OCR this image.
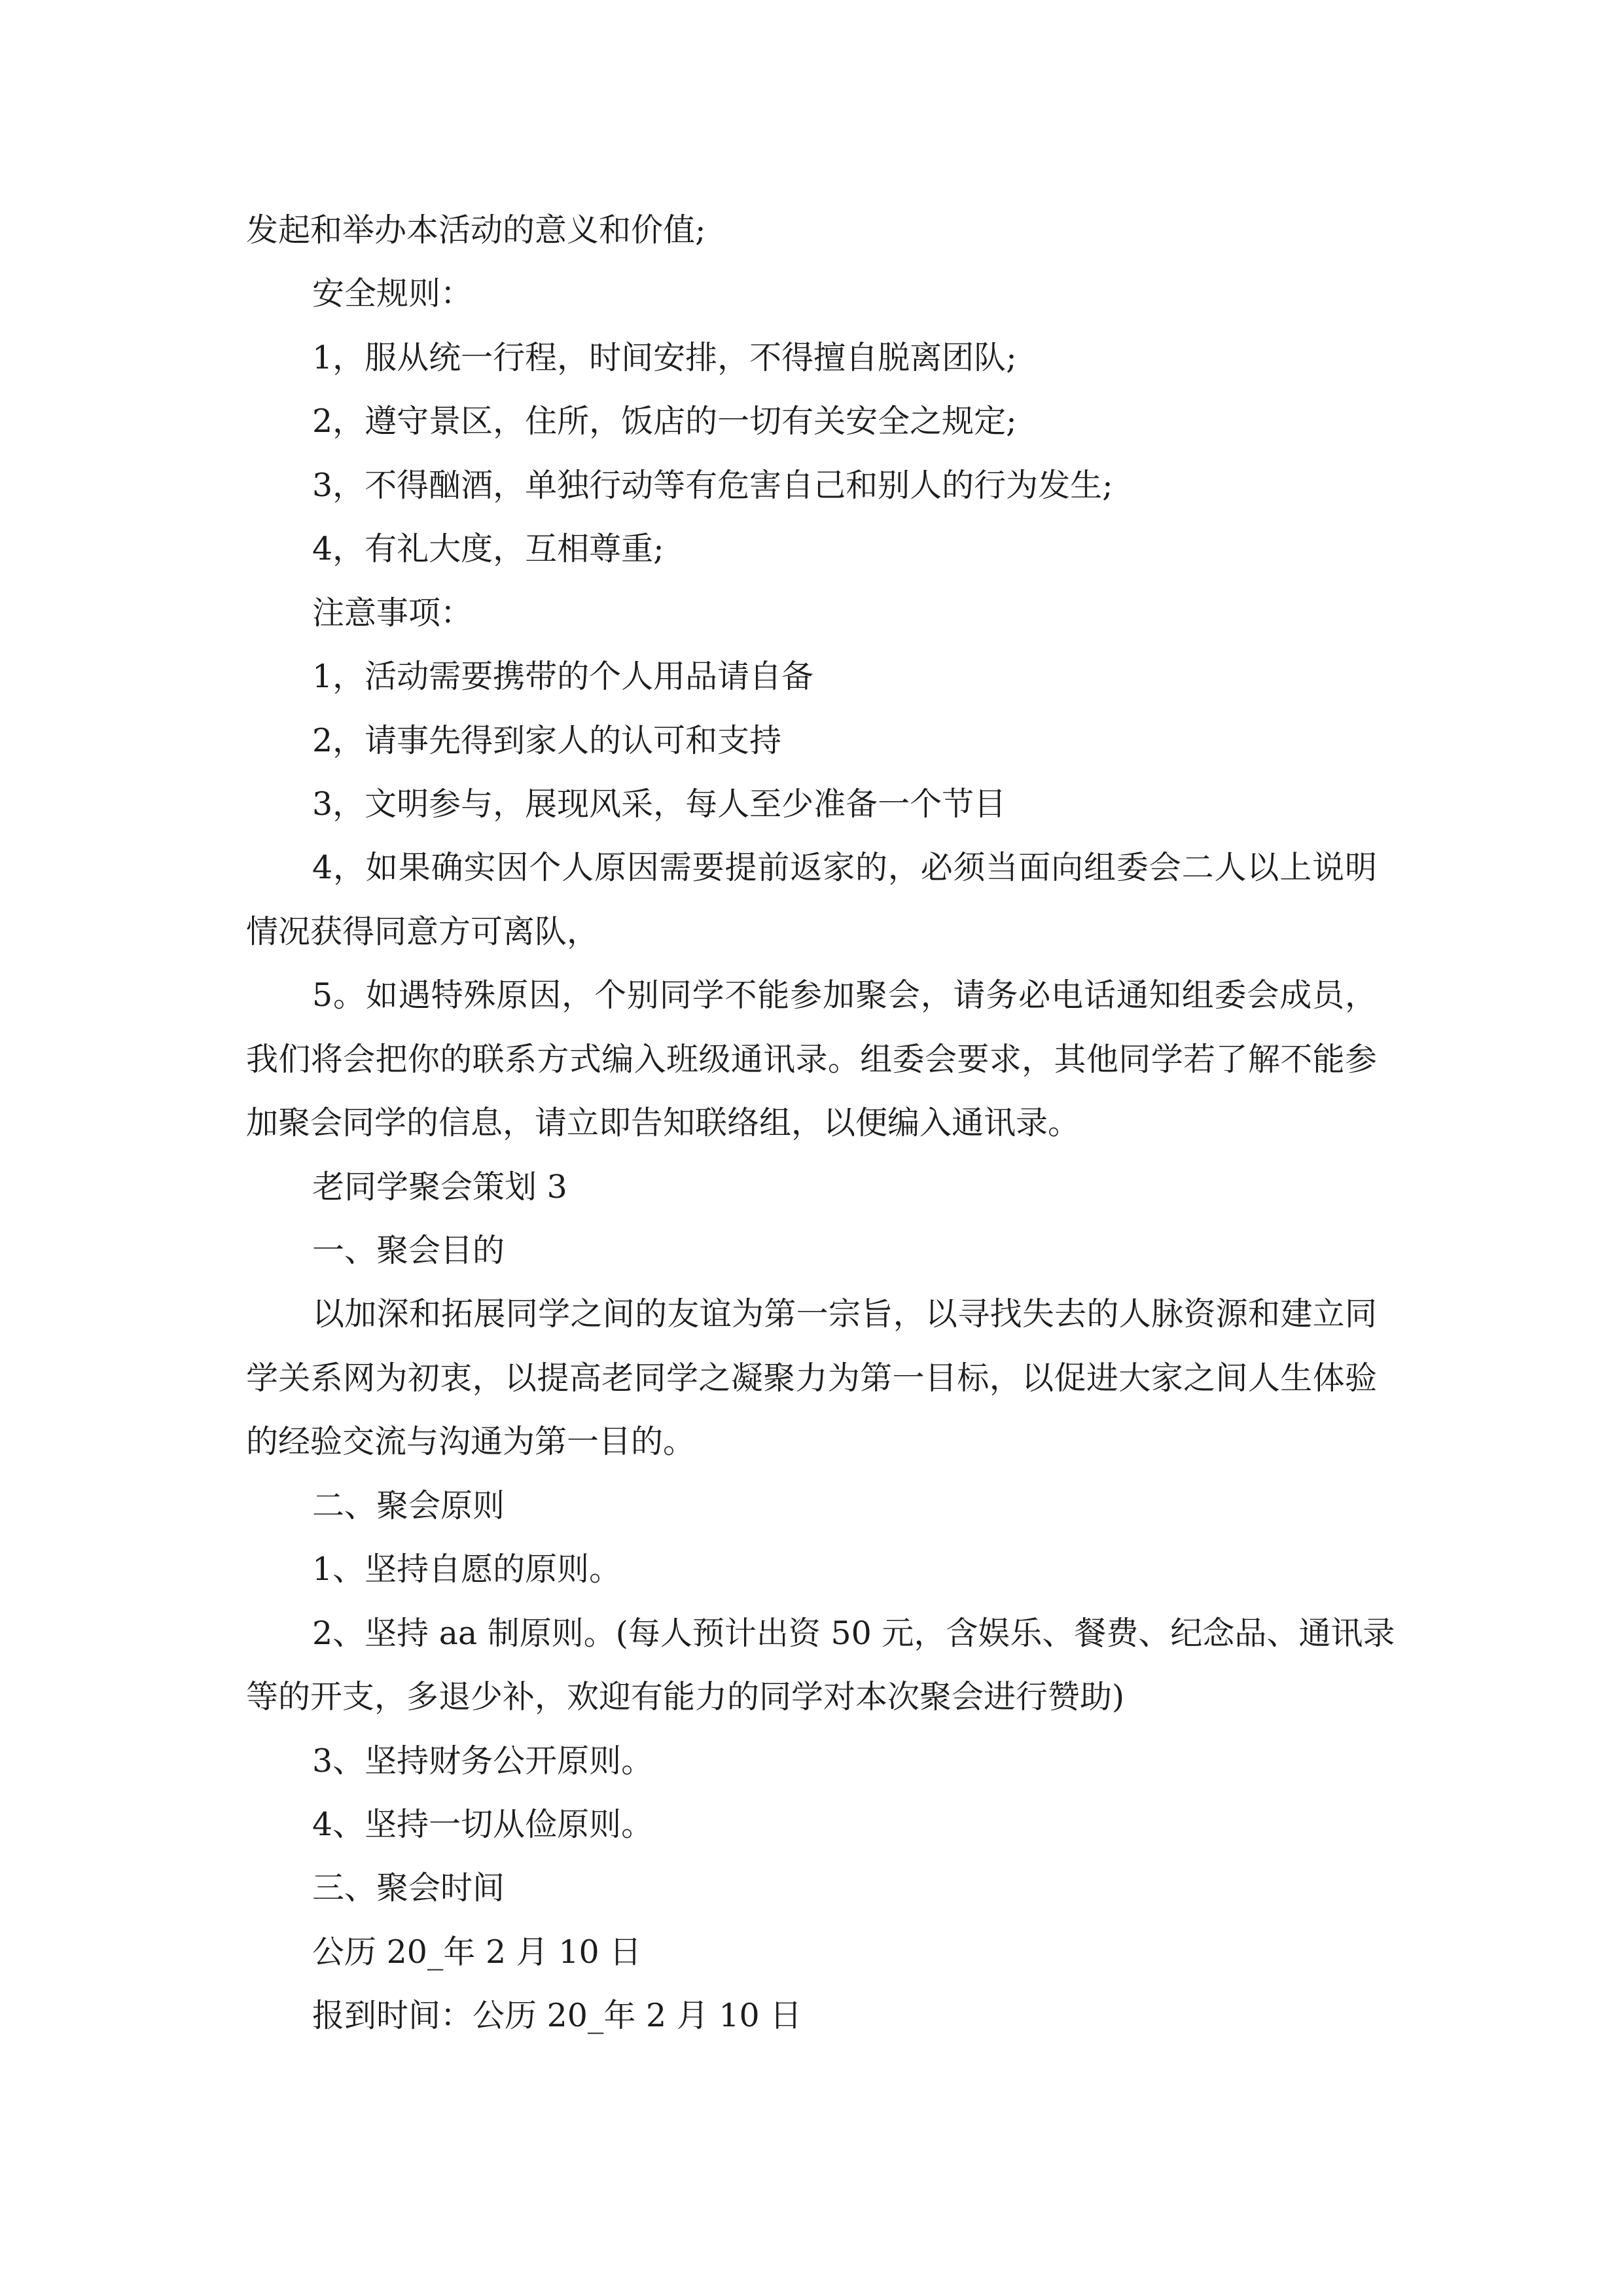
发起和举办本活动的意义和价值;
安全规则：
1，服从统一行程，时间安排，不得擅自脱离团队;
2，遵守景区，住所，饭店的一切有关安全之规定;
3，不得酗酒，单独行动等有危害自己和别人的行为发生;
4，有礼大度，互相尊重;
注意事项：
1，活动需要携带的个人用品请自备
2，请事先得到家人的认可和支持
3，文明参与，展现风采，每人至少准备一个节目
4，如果确实因个人原因需要提前返家的，必须当面向组委会二人以上说明
情况获得同意方可离队，
5。如遇特殊原因，个别同学不能参加聚会，请务必电话通知组委会成员，
我们将会把你的联系方式编入班级通讯录。组委会要求，其他同学若了解不能参
加聚会同学的信息，请立即告知联络组，以便编入通讯录。
老同学聚会策划 3
一、聚会目的
以加深和拓展同学之间的友谊为第一宗旨，以寻找失去的人脉资源和建立同
学关系网为初衷，以提高老同学之凝聚力为第一目标，以促进大家之间人生体验
的经验交流与沟通为第一目的。
二、聚会原则
1、坚持自愿的原则。
2、坚持 aa 制原则。(每人预计出资 50 元，含娱乐、餐费、纪念品、通讯录
等的开支，多退少补，欢迎有能力的同学对本次聚会进行赞助)
3、坚持财务公开原则。
4、坚持一切从俭原则。
三、聚会时间
公历 20_年 2 月 10 日
报到时间：公历 20_年 2 月 10 日
